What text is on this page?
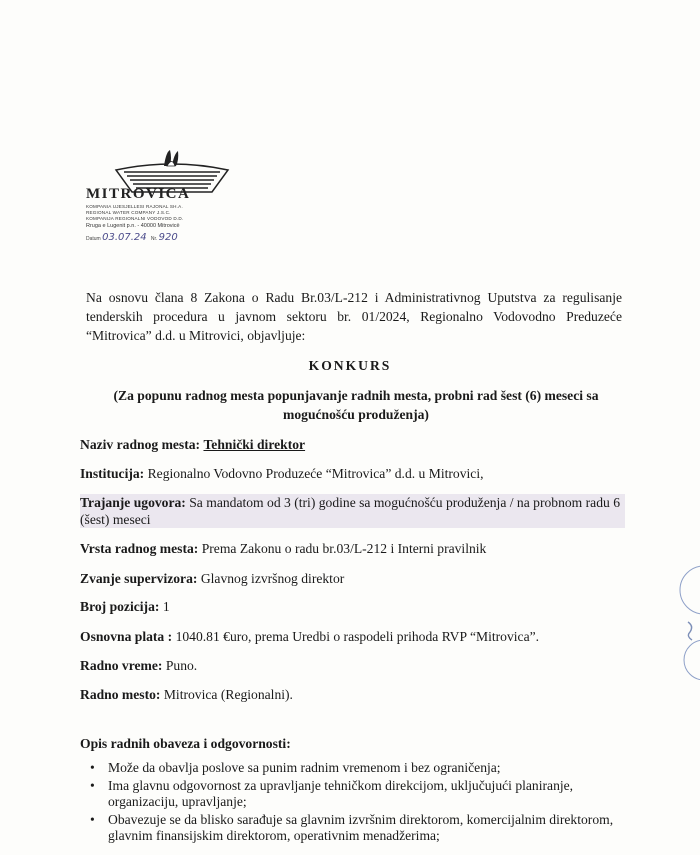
MITROVICA
KOMPANIA UJESJELLESI RAJONAL SH.A.
REGIONAL WATER COMPANY J.S.C.
KOMPANIJA REGIONALNI VODOVOD D.D.
Rruga e Lugenit p.n. - 40000 Mitrovicë
Datum 03.07.24 Nr. 920
Na osnovu člana 8 Zakona o Radu Br.03/L-212 i Administrativnog Uputstva za regulisanje tenderskih procedura u javnom sektoru br. 01/2024, Regionalno Vodovodno Preduzeće “Mitrovica” d.d. u Mitrovici, objavljuje:
KONKURS
(Za popunu radnog mesta popunjavanje radnih mesta, probni rad šest (6) meseci sa mogućnošću produženja)
Naziv radnog mesta: Tehnički direktor
Institucija: Regionalno Vodovno Produzeće “Mitrovica” d.d. u Mitrovici,
Trajanje ugovora: Sa mandatom od 3 (tri) godine sa mogućnošću produženja / na probnom radu 6 (šest) meseci
Vrsta radnog mesta: Prema Zakonu o radu br.03/L-212 i Interni pravilnik
Zvanje supervizora: Glavnog izvršnog direktor
Broj pozicija: 1
Osnovna plata : 1040.81 €uro, prema Uredbi o raspodeli prihoda RVP “Mitrovica”.
Radno vreme: Puno.
Radno mesto: Mitrovica (Regionalni).
Opis radnih obaveza i odgovornosti:
• Može da obavlja poslove sa punim radnim vremenom i bez ograničenja;
• Ima glavnu odgovornost za upravljanje tehničkom direkcijom, uključujući planiranje, organizaciju, upravljanje;
• Obavezuje se da blisko sarađuje sa glavnim izvršnim direktorom, komercijalnim direktorom, glavnim finansijskim direktorom, operativnim menadžerima;
